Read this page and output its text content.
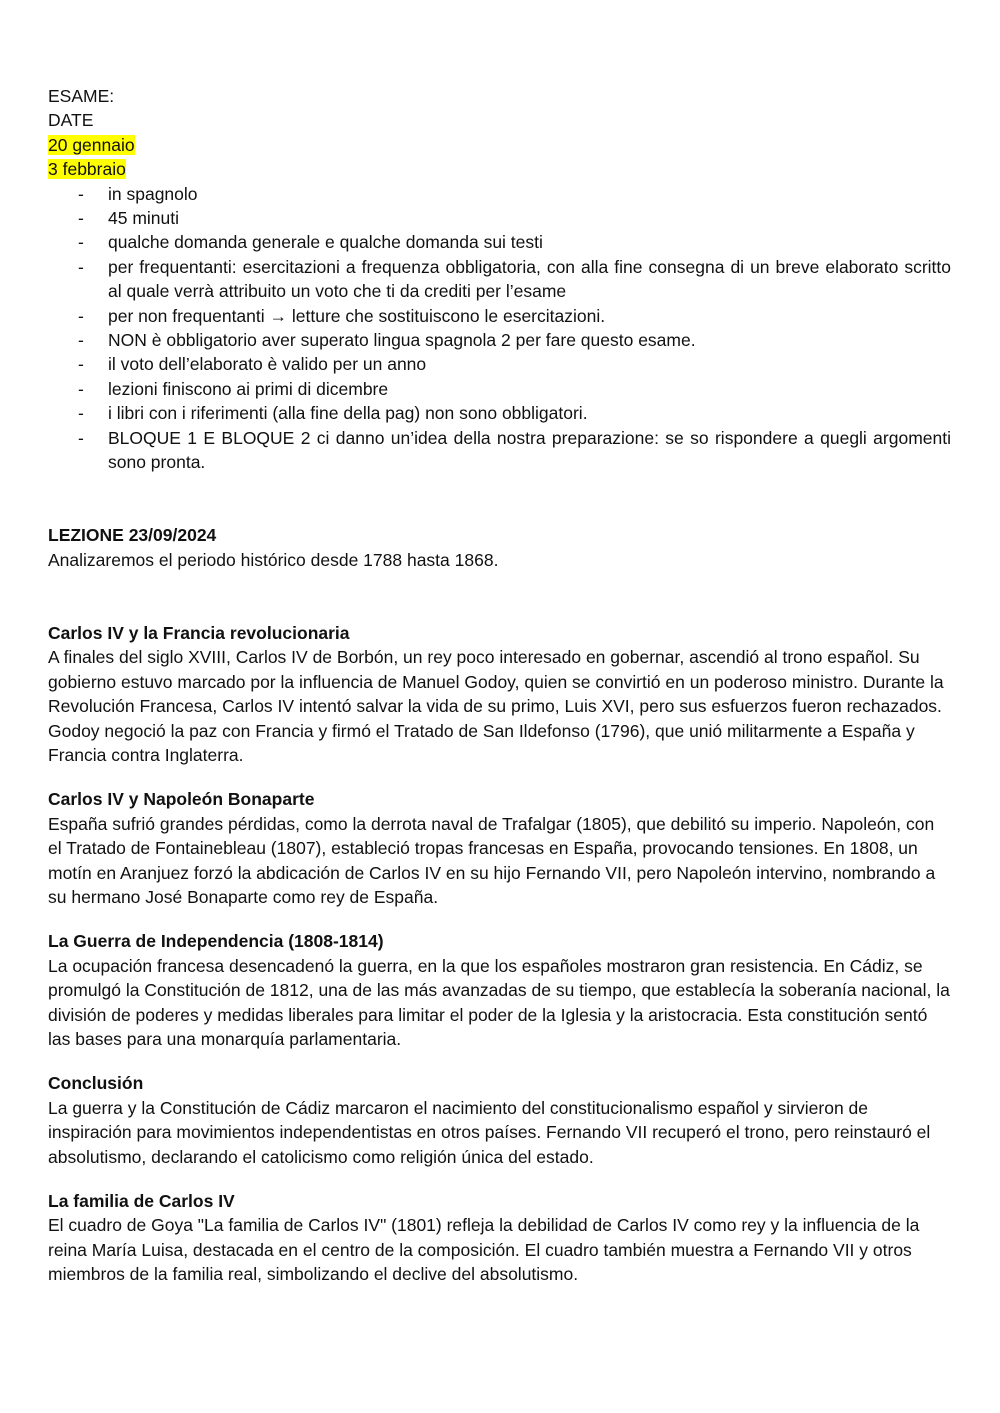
ESAME:
DATE
20 gennaio
3 febbraio
- in spagnolo
- 45 minuti
- qualche domanda generale e qualche domanda sui testi
- per frequentanti: esercitazioni a frequenza obbligatoria, con alla fine consegna di un breve elaborato scritto al quale verrà attribuito un voto che ti da crediti per l’esame
- per non frequentanti → letture che sostituiscono le esercitazioni.
- NON è obbligatorio aver superato lingua spagnola 2 per fare questo esame.
- il voto dell’elaborato è valido per un anno
- lezioni finiscono ai primi di dicembre
- i libri con i riferimenti (alla fine della pag) non sono obbligatori.
- BLOQUE 1 E BLOQUE 2 ci danno un’idea della nostra preparazione: se so rispondere a quegli argomenti sono pronta.
LEZIONE 23/09/2024

Analizaremos el periodo histórico desde 1788 hasta 1868.

Carlos IV y la Francia revolucionaria

A finales del siglo XVIII, Carlos IV de Borbón, un rey poco interesado en gobernar, ascendió al trono español. Su gobierno estuvo marcado por la influencia de Manuel Godoy, quien se convirtió en un poderoso ministro. Durante la Revolución Francesa, Carlos IV intentó salvar la vida de su primo, Luis XVI, pero sus esfuerzos fueron rechazados. Godoy negoció la paz con Francia y firmó el Tratado de San Ildefonso (1796), que unió militarmente a España y Francia contra Inglaterra.

Carlos IV y Napoleón Bonaparte

España sufrió grandes pérdidas, como la derrota naval de Trafalgar (1805), que debilitó su imperio. Napoleón, con el Tratado de Fontainebleau (1807), estableció tropas francesas en España, provocando tensiones. En 1808, un motín en Aranjuez forzó la abdicación de Carlos IV en su hijo Fernando VII, pero Napoleón intervino, nombrando a su hermano José Bonaparte como rey de España.

La Guerra de Independencia (1808-1814)

La ocupación francesa desencadenó la guerra, en la que los españoles mostraron gran resistencia. En Cádiz, se promulgó la Constitución de 1812, una de las más avanzadas de su tiempo, que establecía la soberanía nacional, la división de poderes y medidas liberales para limitar el poder de la Iglesia y la aristocracia. Esta constitución sentó las bases para una monarquía parlamentaria.

Conclusión

La guerra y la Constitución de Cádiz marcaron el nacimiento del constitucionalismo español y sirvieron de inspiración para movimientos independentistas en otros países. Fernando VII recuperó el trono, pero reinstauró el absolutismo, declarando el catolicismo como religión única del estado.

La familia de Carlos IV

El cuadro de Goya "La familia de Carlos IV" (1801) refleja la debilidad de Carlos IV como rey y la influencia de la reina María Luisa, destacada en el centro de la composición. El cuadro también muestra a Fernando VII y otros miembros de la familia real, simbolizando el declive del absolutismo.
